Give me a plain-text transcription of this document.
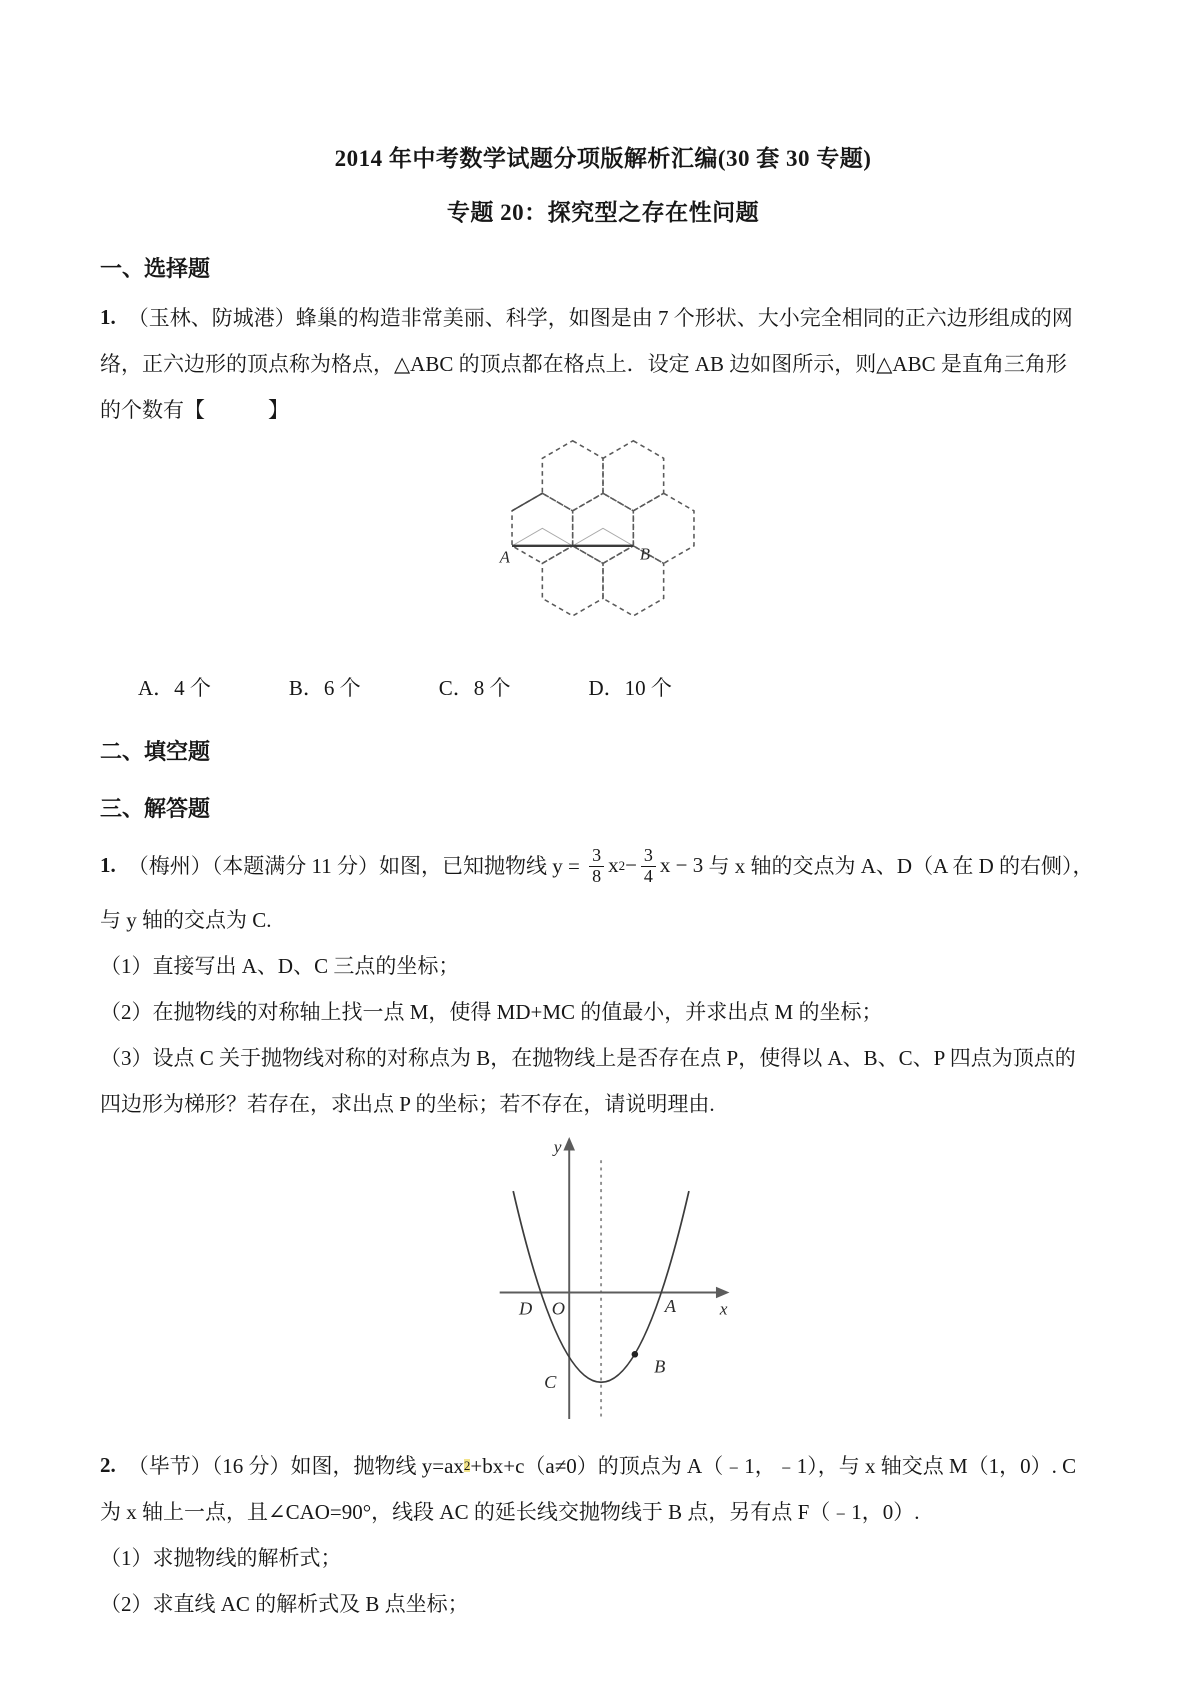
2014 年中考数学试题分项版解析汇编(30 套 30 专题)
专题 20：探究型之存在性问题
一、选择题
1. （玉林、防城港）蜂巢的构造非常美丽、科学，如图是由 7 个形状、大小完全相同的正六边形组成的网
络，正六边形的顶点称为格点，△ABC 的顶点都在格点上．设定 AB 边如图所示，则△ABC 是直角三角形
的个数有【　　　】
A	B
A．4 个	B．6 个	C．8 个	D．10 个
二、填空题
三、解答题
1. （梅州）（本题满分 11 分）如图，已知抛物线 $y = \frac{3}{8}$ x $2 - \frac{3}{4}$ x − 3 与 x 轴的交点为 A、D（A 在 D 的右侧），
与 y 轴的交点为 C.
（1）直接写出 A、D、C 三点的坐标；
（2）在抛物线的对称轴上找一点 M，使得 MD+MC 的值最小，并求出点 M 的坐标；
（3）设点 C 关于抛物线对称的对称点为 B，在抛物线上是否存在点 P，使得以 A、B、C、P 四点为顶点的
四边形为梯形？若存在，求出点 P 的坐标；若不存在，请说明理由.
y
x
D O	A
C
B
2. （毕节）（16 分）如图，抛物线 y=ax 2 +bx+c（a≠0）的顶点为 A（﹣1，﹣1），与 x 轴交点 M（1，0）. C
为 x 轴上一点，且∠CAO=90°，线段 AC 的延长线交抛物线于 B 点，另有点 F（﹣1，0）.
（1）求抛物线的解析式；
（2）求直线 AC 的解析式及 B 点坐标；
